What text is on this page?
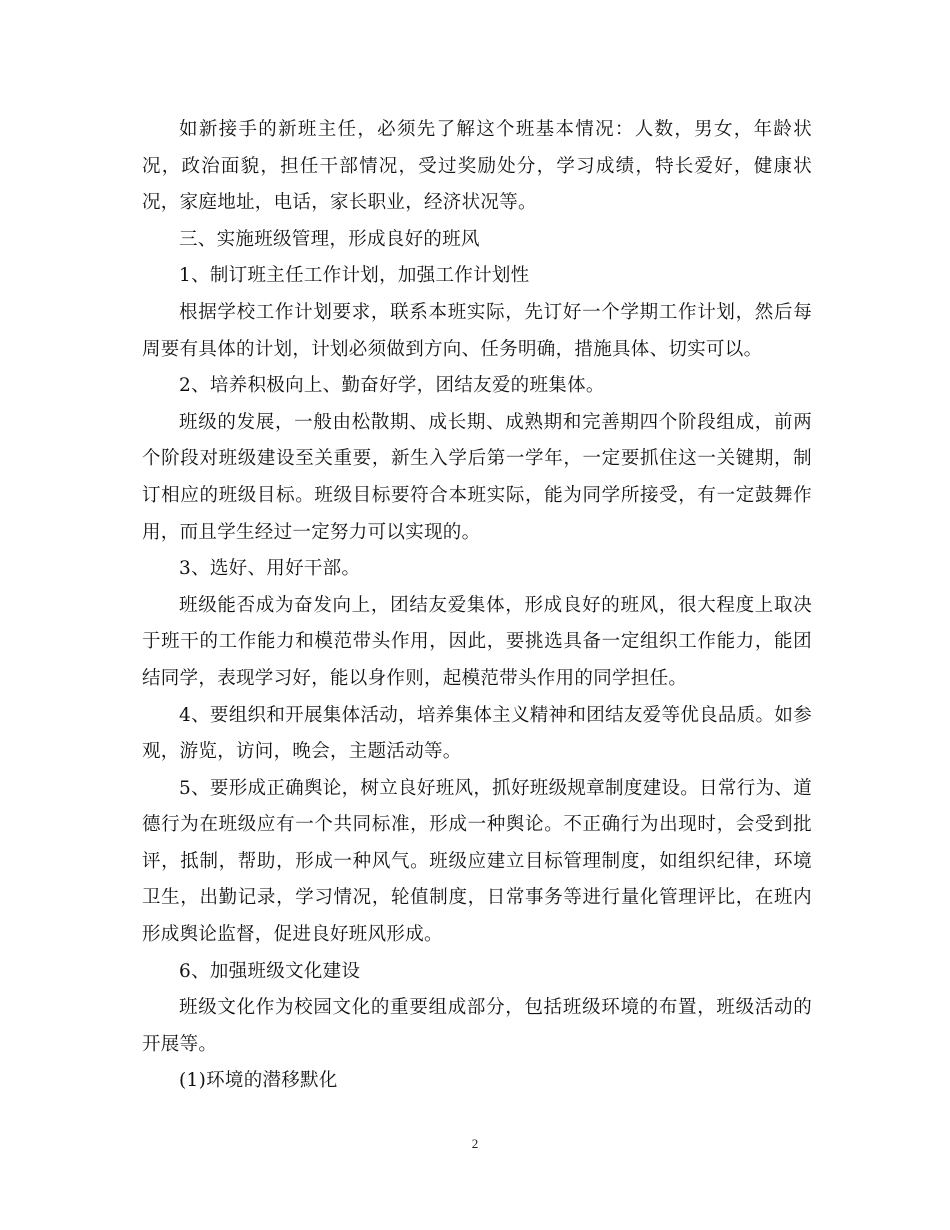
如新接手的新班主任，必须先了解这个班基本情况：人数，男女，年龄状况，政治面貌，担任干部情况，受过奖励处分，学习成绩，特长爱好，健康状况，家庭地址，电话，家长职业，经济状况等。

三、实施班级管理，形成良好的班风

1、制订班主任工作计划，加强工作计划性

根据学校工作计划要求，联系本班实际，先订好一个学期工作计划，然后每周要有具体的计划，计划必须做到方向、任务明确，措施具体、切实可以。

2、培养积极向上、勤奋好学，团结友爱的班集体。

班级的发展，一般由松散期、成长期、成熟期和完善期四个阶段组成，前两个阶段对班级建设至关重要，新生入学后第一学年，一定要抓住这一关键期，制订相应的班级目标。班级目标要符合本班实际，能为同学所接受，有一定鼓舞作用，而且学生经过一定努力可以实现的。

3、选好、用好干部。

班级能否成为奋发向上，团结友爱集体，形成良好的班风，很大程度上取决于班干的工作能力和模范带头作用，因此，要挑选具备一定组织工作能力，能团结同学，表现学习好，能以身作则，起模范带头作用的同学担任。

4、要组织和开展集体活动，培养集体主义精神和团结友爱等优良品质。如参观，游览，访问，晚会，主题活动等。

5、要形成正确舆论，树立良好班风，抓好班级规章制度建设。日常行为、道德行为在班级应有一个共同标准，形成一种舆论。不正确行为出现时，会受到批评，抵制，帮助，形成一种风气。班级应建立目标管理制度，如组织纪律，环境卫生，出勤记录，学习情况，轮值制度，日常事务等进行量化管理评比，在班内形成舆论监督，促进良好班风形成。

6、加强班级文化建设

班级文化作为校园文化的重要组成部分，包括班级环境的布置，班级活动的开展等。

(1)环境的潜移默化

2
